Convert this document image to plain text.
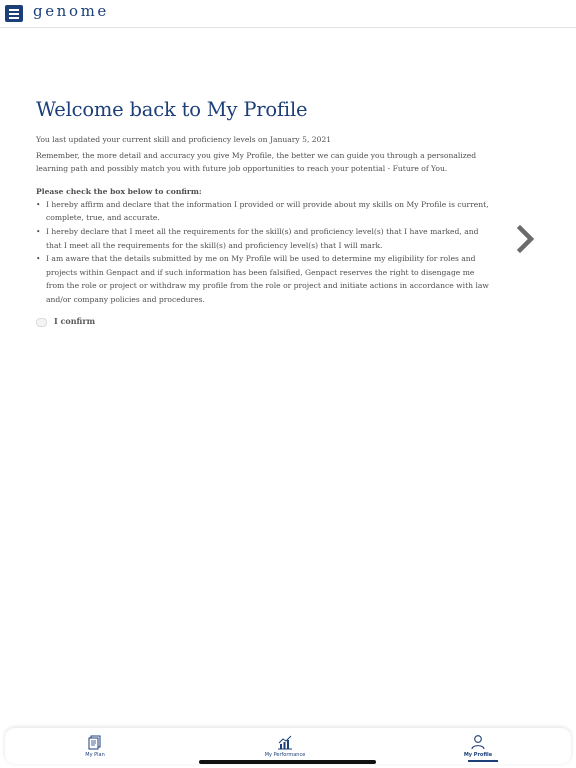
genome
Welcome back to My Profile

You last updated your current skill and proficiency levels on January 5, 2021

Remember, the more detail and accuracy you give My Profile, the better we can guide you through a personalized learning path and possibly match you with future job opportunities to reach your potential - Future of You.

Please check the box below to confirm:

• I hereby affirm and declare that the information I provided or will provide about my skills on My Profile is current, complete, true, and accurate.
• I hereby declare that I meet all the requirements for the skill(s) and proficiency level(s) that I have marked, and that I meet all the requirements for the skill(s) and proficiency level(s) that I will mark.
• I am aware that the details submitted by me on My Profile will be used to determine my eligibility for roles and projects within Genpact and if such information has been falsified, Genpact reserves the right to disengage me from the role or project or withdraw my profile from the role or project and initiate actions in accordance with law and/or company policies and procedures.
I confirm
My Plan	My Performance	My Profile
